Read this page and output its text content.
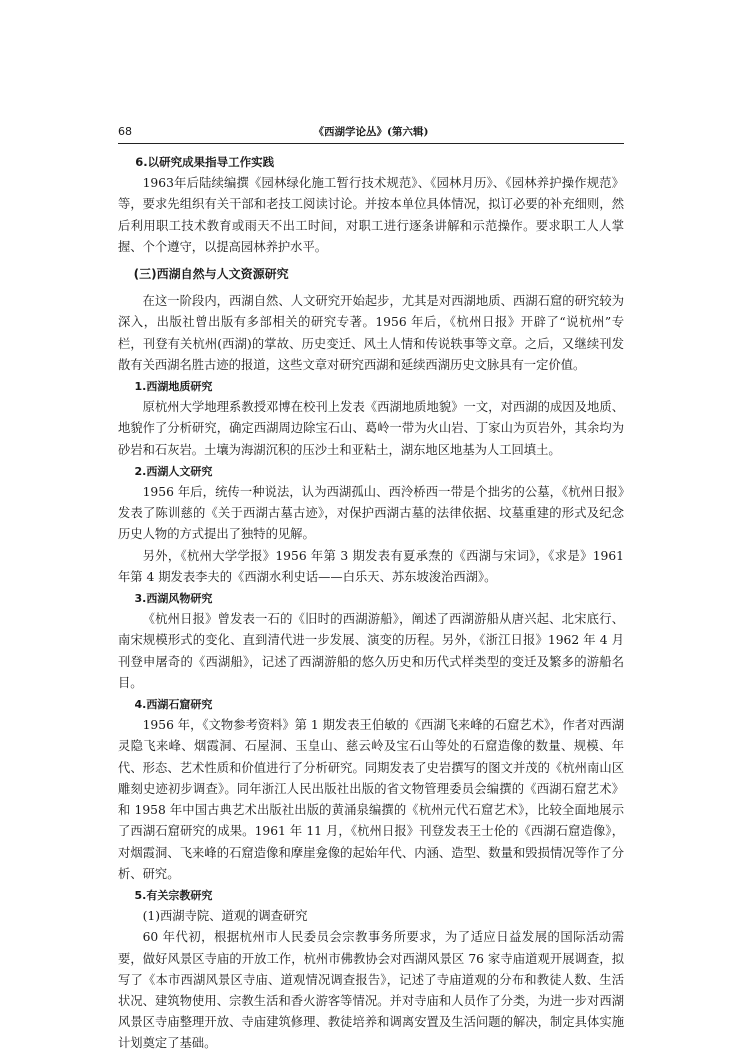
68	《西湖学论丛》(第六辑)

6.以研究成果指导工作实践

1963年后陆续编撰《园林绿化施工暂行技术规范》、《园林月历》、《园林养护操作规范》等，要求先组织有关干部和老技工阅读讨论。并按本单位具体情况，拟订必要的补充细则，然后利用职工技术教育或雨天不出工时间，对职工进行逐条讲解和示范操作。要求职工人人掌握、个个遵守，以提高园林养护水平。

(三)西湖自然与人文资源研究

在这一阶段内，西湖自然、人文研究开始起步，尤其是对西湖地质、西湖石窟的研究较为深入，出版社曾出版有多部相关的研究专著。1956 年后，《杭州日报》开辟了“说杭州”专栏，刊登有关杭州(西湖)的掌故、历史变迁、风土人情和传说轶事等文章。之后，又继续刊发散有关西湖名胜古迹的报道，这些文章对研究西湖和延续西湖历史文脉具有一定价值。

1.西湖地质研究

原杭州大学地理系教授邓博在校刊上发表《西湖地质地貌》一文，对西湖的成因及地质、地貌作了分析研究，确定西湖周边除宝石山、葛岭一带为火山岩、丁家山为页岩外，其余均为砂岩和石灰岩。土壤为海湖沉积的压沙土和亚粘土，湖东地区地基为人工回填土。

2.西湖人文研究

1956 年后，统传一种说法，认为西湖孤山、西泠桥西一带是个拙劣的公墓，《杭州日报》发表了陈训慈的《关于西湖古墓古迹》，对保护西湖古墓的法律依据、坟墓重建的形式及纪念历史人物的方式提出了独特的见解。

另外，《杭州大学学报》1956 年第 3 期发表有夏承焘的《西湖与宋词》，《求是》1961 年第 4 期发表李夫的《西湖水利史话——白乐天、苏东坡浚治西湖》。

3.西湖风物研究

《杭州日报》曾发表一石的《旧时的西湖游船》，阐述了西湖游船从唐兴起、北宋底行、南宋规模形式的变化、直到清代进一步发展、演变的历程。另外，《浙江日报》1962 年 4 月刊登申屠奇的《西湖船》，记述了西湖游船的悠久历史和历代式样类型的变迁及繁多的游船名目。

4.西湖石窟研究

1956 年，《文物参考资料》第 1 期发表王伯敏的《西湖飞来峰的石窟艺术》，作者对西湖灵隐飞来峰、烟霞洞、石屋洞、玉皇山、慈云岭及宝石山等处的石窟造像的数量、规模、年代、形态、艺术性质和价值进行了分析研究。同期发表了史岩撰写的图文并茂的《杭州南山区雕刻史迹初步调查》。同年浙江人民出版社出版的省文物管理委员会编撰的《西湖石窟艺术》和 1958 年中国古典艺术出版社出版的黄涌泉编撰的《杭州元代石窟艺术》，比较全面地展示了西湖石窟研究的成果。1961 年 11 月，《杭州日报》刊登发表王士伦的《西湖石窟造像》，对烟霞洞、飞来峰的石窟造像和摩崖龛像的起始年代、内涵、造型、数量和毁损情况等作了分析、研究。

5.有关宗教研究

(1)西湖寺院、道观的调查研究

60 年代初，根据杭州市人民委员会宗教事务所要求，为了适应日益发展的国际活动需要，做好风景区寺庙的开放工作，杭州市佛教协会对西湖风景区 76 家寺庙道观开展调查，拟写了《本市西湖风景区寺庙、道观情况调查报告》，记述了寺庙道观的分布和教徒人数、生活状况、建筑物使用、宗教生活和香火游客等情况。并对寺庙和人员作了分类，为进一步对西湖风景区寺庙整理开放、寺庙建筑修理、教徒培养和调离安置及生活问题的解决，制定具体实施计划奠定了基础。
